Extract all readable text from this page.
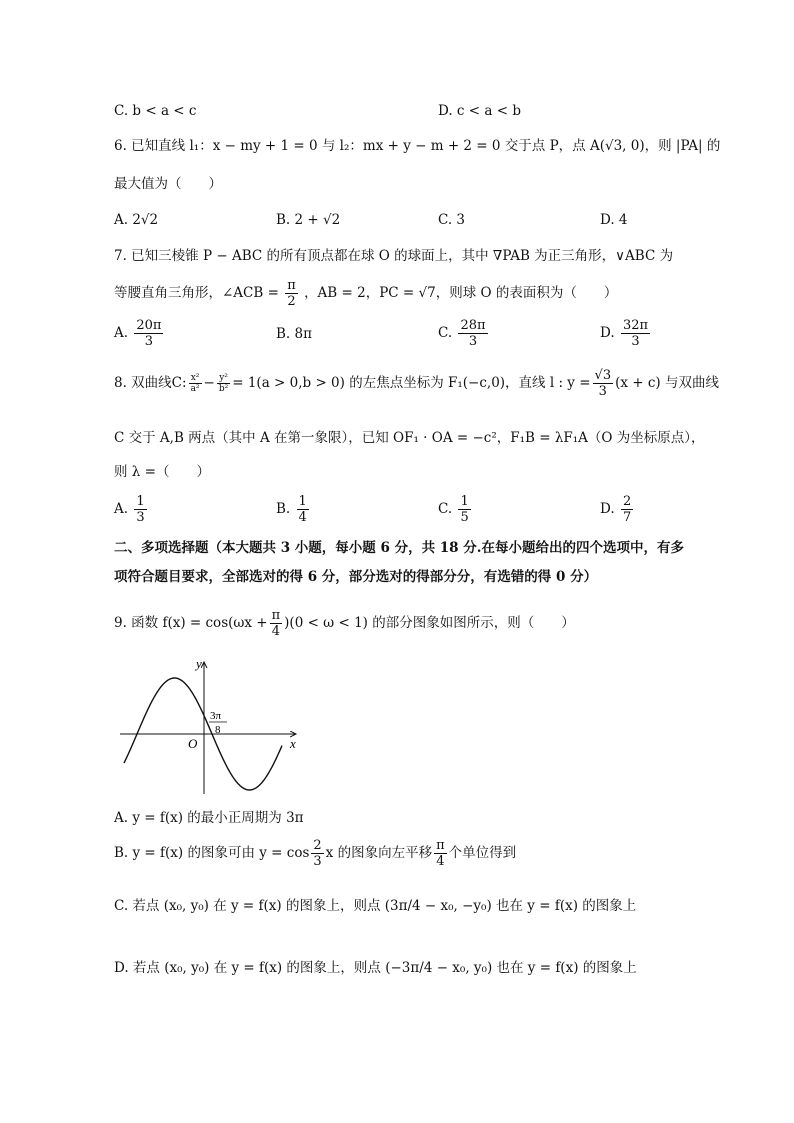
C. b < a < c	D. c < a < b
6. 已知直线 l₁：x − my + 1 = 0 与 l₂：mx + y − m + 2 = 0 交于点 P，点 A(√3, 0)，则 |PA| 的
最大值为（　　）
A. 2√2	B. 2 + √2	C. 3	D. 4
7. 已知三棱锥 P − ABC 的所有顶点都在球 O 的球面上，其中 ∇PAB 为正三角形，∨ABC 为
等腰直角三角形，∠ACB = $\frac{\pi}{2}$ ，AB = 2，PC = √7，则球 O 的表面积为（　　）
A. $\frac{20\pi}{3}$	B. 8π	C. $\frac{28\pi}{3}$	D. $\frac{32\pi}{3}$
8. 双曲线C: $\frac{\text{x²}}{\text{a²}} - \frac{\text{y²}}{\text{b²}} = 1(a > 0,b > 0)$ 的左焦点坐标为 F₁(−c,0)，直线 l : $y = \frac{√3}{3} (x + c)$ 与双曲线
C 交于 A,B 两点（其中 A 在第一象限），已知 OF₁ · OA = −c²，F₁B = λF₁A（O 为坐标原点），
则 λ =（　　）
A. $\frac{1}{3}$	B. $\frac{1}{4}$	C. $\frac{1}{5}$	D. $\frac{2}{7}$
二、多项选择题（本大题共 3 小题，每小题 6 分，共 18 分.在每小题给出的四个选项中，有多
项符合题目要求，全部选对的得 6 分，部分选对的得部分分，有选错的得 0 分）
9. 函数 $f(x) = \cos(\omega x + \frac{\pi}{4} )(0 < \omega < 1)$ 的部分图象如图所示，则（　　）
y
x
O
3π
8
A. y = f(x) 的最小正周期为 3π
B. y = f(x) 的图象可由 $y = \cos \frac{2}{3}$ x 的图象向左平移 $\frac{\pi}{4}$ 个单位得到
C. 若点 (x₀, y₀) 在 y = f(x) 的图象上，则点 (3π/4 − x₀, −y₀) 也在 y = f(x) 的图象上
D. 若点 (x₀, y₀) 在 y = f(x) 的图象上，则点 (−3π/4 − x₀, y₀) 也在 y = f(x) 的图象上
